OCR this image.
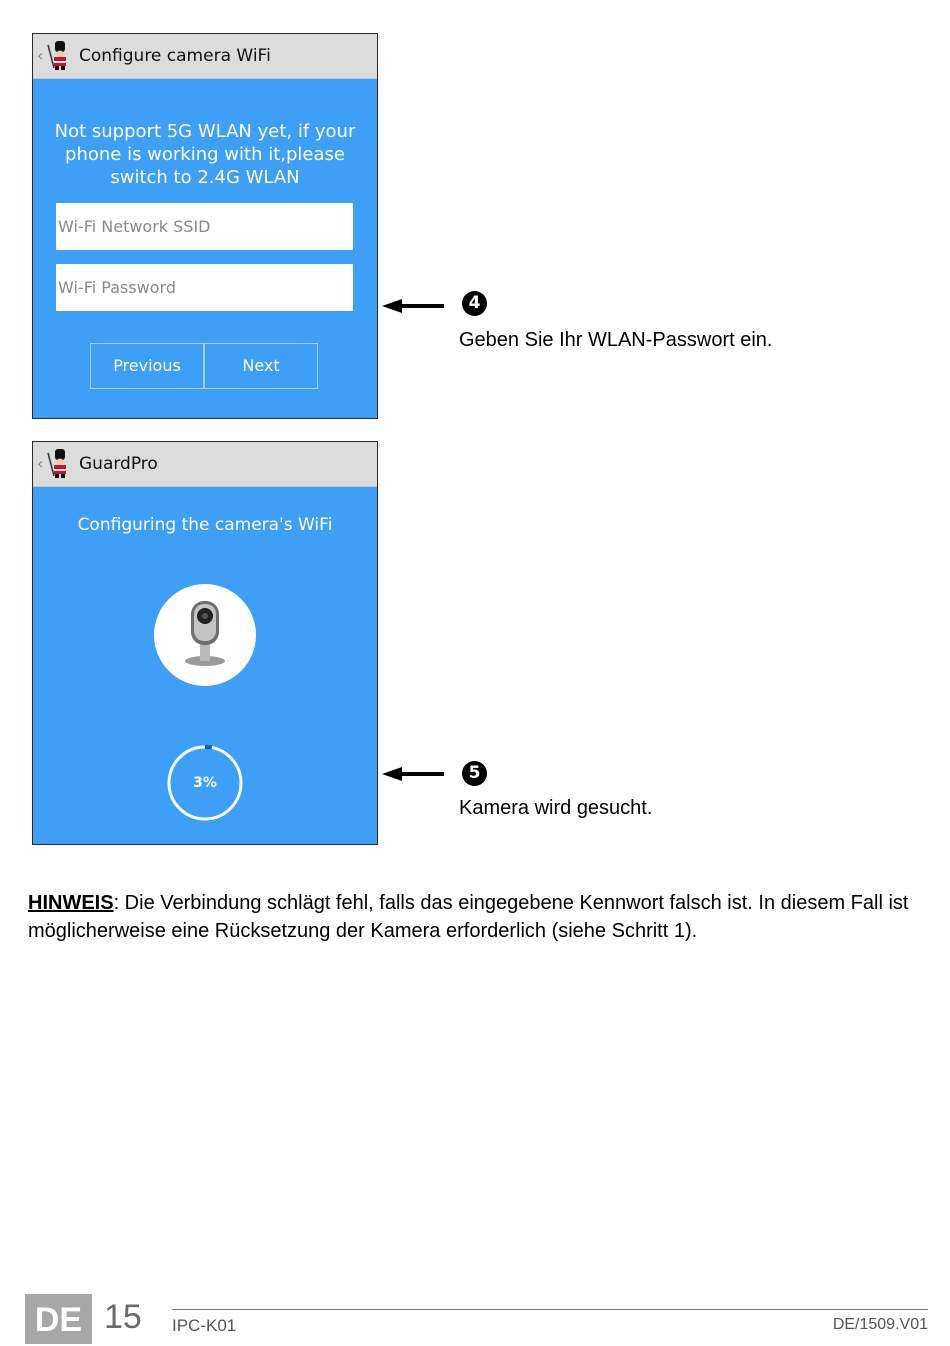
‹ Configure camera WiFi
Not support 5G WLAN yet, if your
phone is working with it,please
switch to 2.4G WLAN
Wi-Fi Network SSID
Wi-Fi Password
Previous	Next
4
Geben Sie Ihr WLAN-Passwort ein.
‹ GuardPro
Configuring the camera's WiFi
3%	5
Kamera wird gesucht.
HINWEIS: Die Verbindung schlägt fehl, falls das eingegebene Kennwort falsch ist. In diesem Fall ist möglicherweise eine Rücksetzung der Kamera erforderlich (siehe Schritt 1).
DE 15 IPC-K01	DE/1509.V01
